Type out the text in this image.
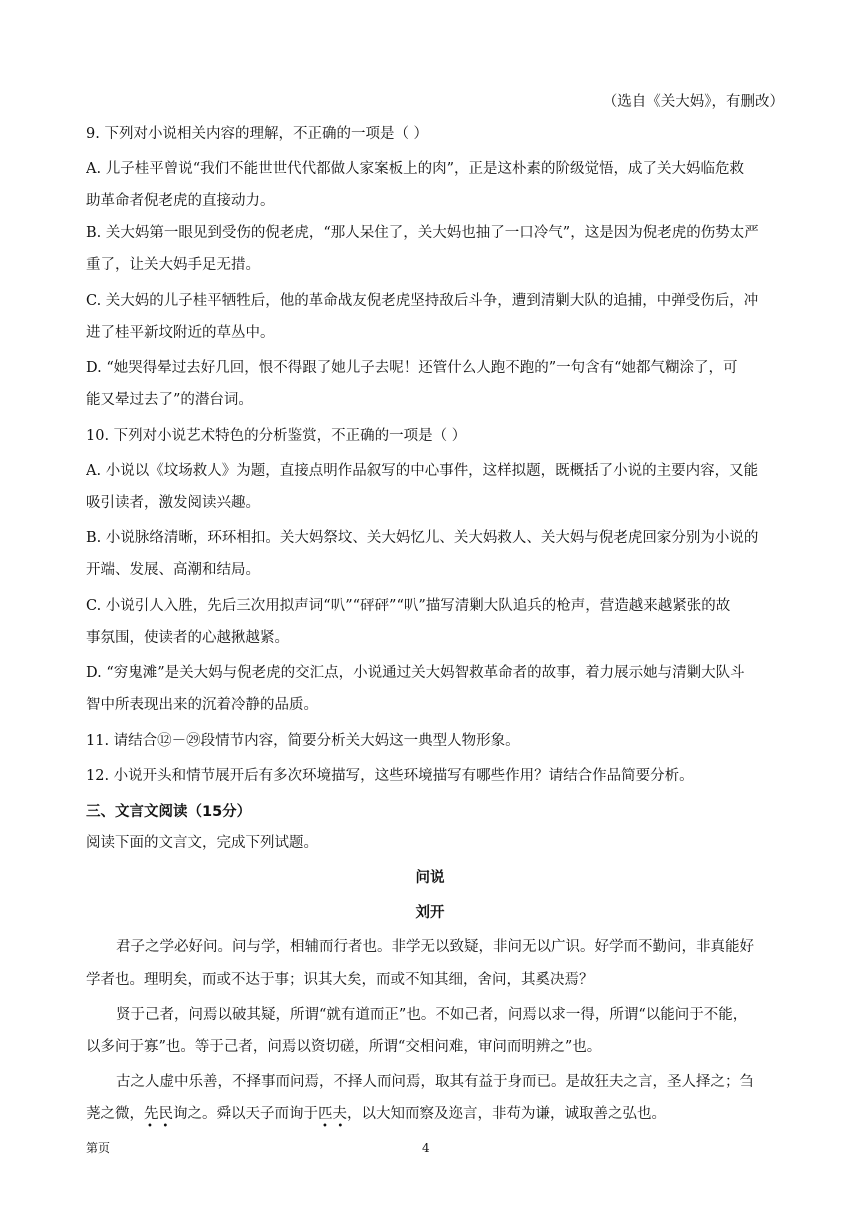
（选自《关大妈》，有删改）
9. 下列对小说相关内容的理解，不正确的一项是（ ）
A. 儿子桂平曾说“我们不能世世代代都做人家案板上的肉”，正是这朴素的阶级觉悟，成了关大妈临危救
助革命者倪老虎的直接动力。
B. 关大妈第一眼见到受伤的倪老虎，“那人呆住了，关大妈也抽了一口冷气”，这是因为倪老虎的伤势太严
重了，让关大妈手足无措。
C. 关大妈的儿子桂平牺牲后，他的革命战友倪老虎坚持敌后斗争，遭到清剿大队的追捕，中弹受伤后，冲
进了桂平新坟附近的草丛中。
D. “她哭得晕过去好几回，恨不得跟了她儿子去呢！还管什么人跑不跑的”一句含有“她都气糊涂了，可
能又晕过去了”的潜台词。
10. 下列对小说艺术特色的分析鉴赏，不正确的一项是（ ）
A. 小说以《坟场救人》为题，直接点明作品叙写的中心事件，这样拟题，既概括了小说的主要内容，又能
吸引读者，激发阅读兴趣。
B. 小说脉络清晰，环环相扣。关大妈祭坟、关大妈忆儿、关大妈救人、关大妈与倪老虎回家分别为小说的
开端、发展、高潮和结局。
C. 小说引人入胜，先后三次用拟声词“叭”“砰砰”“叭”描写清剿大队追兵的枪声，营造越来越紧张的故
事氛围，使读者的心越揪越紧。
D. “穷鬼滩”是关大妈与倪老虎的交汇点，小说通过关大妈智救革命者的故事，着力展示她与清剿大队斗
智中所表现出来的沉着冷静的品质。
11. 请结合⑫－㉙段情节内容，简要分析关大妈这一典型人物形象。
12. 小说开头和情节展开后有多次环境描写，这些环境描写有哪些作用？请结合作品简要分析。
三、文言文阅读（15分）
阅读下面的文言文，完成下列试题。
问说
刘开
君子之学必好问。问与学，相辅而行者也。非学无以致疑，非问无以广识。好学而不勤问，非真能好
学者也。理明矣，而或不达于事；识其大矣，而或不知其细，舍问，其奚决焉？
贤于己者，问焉以破其疑，所谓“就有道而正”也。不如己者，问焉以求一得，所谓“以能问于不能，
以多问于寡”也。等于己者，问焉以资切磋，所谓“交相问难，审问而明辨之”也。
古之人虚中乐善，不择事而问焉，不择人而问焉，取其有益于身而已。是故狂夫之言，圣人择之；刍
荛之微，先民询之。舜以天子而询于匹夫，以大知而察及迩言，非苟为谦，诚取善之弘也。
•   •	•   •
第页	4
